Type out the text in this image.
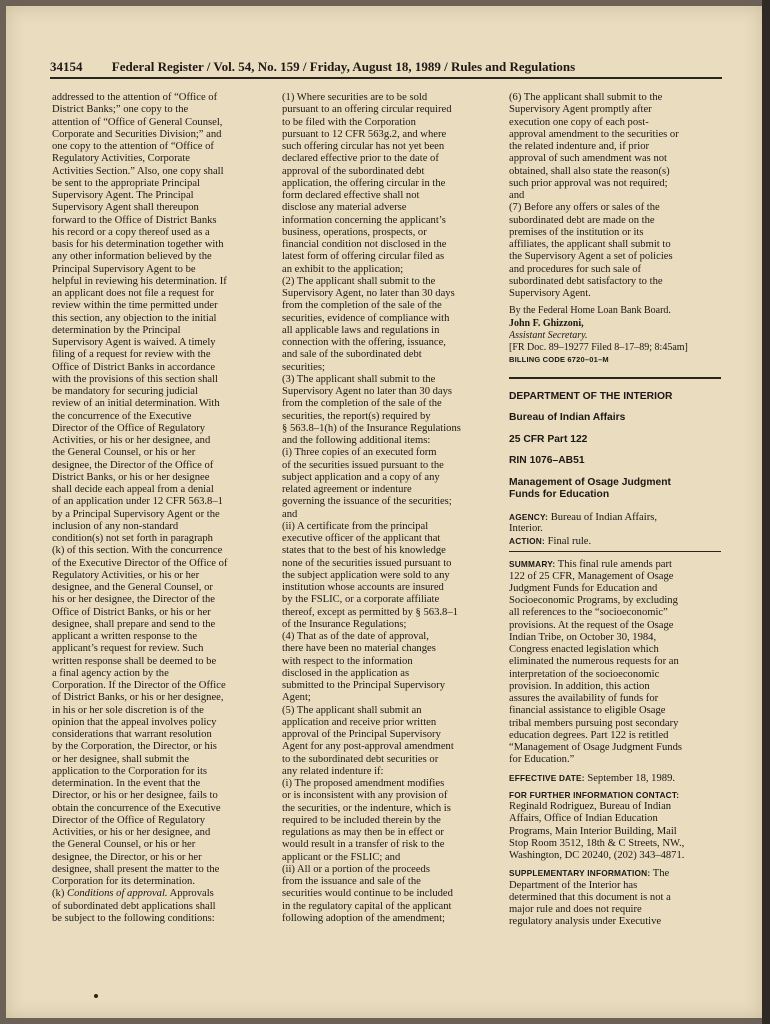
34154 Federal Register / Vol. 54, No. 159 / Friday, August 18, 1989 / Rules and Regulations
addressed to the attention of “Office of
District Banks;” one copy to the
attention of “Office of General Counsel,
Corporate and Securities Division;” and
one copy to the attention of “Office of
Regulatory Activities, Corporate
Activities Section.” Also, one copy shall
be sent to the appropriate Principal
Supervisory Agent. The Principal
Supervisory Agent shall thereupon
forward to the Office of District Banks
his record or a copy thereof used as a
basis for his determination together with
any other information believed by the
Principal Supervisory Agent to be
helpful in reviewing his determination. If
an applicant does not file a request for
review within the time permitted under
this section, any objection to the initial
determination by the Principal
Supervisory Agent is waived. A timely
filing of a request for review with the
Office of District Banks in accordance
with the provisions of this section shall
be mandatory for securing judicial
review of an initial determination. With
the concurrence of the Executive
Director of the Office of Regulatory
Activities, or his or her designee, and
the General Counsel, or his or her
designee, the Director of the Office of
District Banks, or his or her designee
shall decide each appeal from a denial
of an application under 12 CFR 563.8–1
by a Principal Supervisory Agent or the
inclusion of any non-standard
condition(s) not set forth in paragraph
(k) of this section. With the concurrence
of the Executive Director of the Office of
Regulatory Activities, or his or her
designee, and the General Counsel, or
his or her designee, the Director of the
Office of District Banks, or his or her
designee, shall prepare and send to the
applicant a written response to the
applicant’s request for review. Such
written response shall be deemed to be
a final agency action by the
Corporation. If the Director of the Office
of District Banks, or his or her designee,
in his or her sole discretion is of the
opinion that the appeal involves policy
considerations that warrant resolution
by the Corporation, the Director, or his
or her designee, shall submit the
application to the Corporation for its
determination. In the event that the
Director, or his or her designee, fails to
obtain the concurrence of the Executive
Director of the Office of Regulatory
Activities, or his or her designee, and
the General Counsel, or his or her
designee, the Director, or his or her
designee, shall present the matter to the
Corporation for its determination.
(k) Conditions of approval. Approvals
of subordinated debt applications shall
be subject to the following conditions:
(1) Where securities are to be sold
pursuant to an offering circular required
to be filed with the Corporation
pursuant to 12 CFR 563g.2, and where
such offering circular has not yet been
declared effective prior to the date of
approval of the subordinated debt
application, the offering circular in the
form declared effective shall not
disclose any material adverse
information concerning the applicant’s
business, operations, prospects, or
financial condition not disclosed in the
latest form of offering circular filed as
an exhibit to the application;
(2) The applicant shall submit to the
Supervisory Agent, no later than 30 days
from the completion of the sale of the
securities, evidence of compliance with
all applicable laws and regulations in
connection with the offering, issuance,
and sale of the subordinated debt
securities;
(3) The applicant shall submit to the
Supervisory Agent no later than 30 days
from the completion of the sale of the
securities, the report(s) required by
§ 563.8–1(h) of the Insurance Regulations
and the following additional items:
(i) Three copies of an executed form
of the securities issued pursuant to the
subject application and a copy of any
related agreement or indenture
governing the issuance of the securities;
and
(ii) A certificate from the principal
executive officer of the applicant that
states that to the best of his knowledge
none of the securities issued pursuant to
the subject application were sold to any
institution whose accounts are insured
by the FSLIC, or a corporate affiliate
thereof, except as permitted by § 563.8–1
of the Insurance Regulations;
(4) That as of the date of approval,
there have been no material changes
with respect to the information
disclosed in the application as
submitted to the Principal Supervisory
Agent;
(5) The applicant shall submit an
application and receive prior written
approval of the Principal Supervisory
Agent for any post-approval amendment
to the subordinated debt securities or
any related indenture if:
(i) The proposed amendment modifies
or is inconsistent with any provision of
the securities, or the indenture, which is
required to be included therein by the
regulations as may then be in effect or
would result in a transfer of risk to the
applicant or the FSLIC; and
(ii) All or a portion of the proceeds
from the issuance and sale of the
securities would continue to be included
in the regulatory capital of the applicant
following adoption of the amendment;
(6) The applicant shall submit to the
Supervisory Agent promptly after
execution one copy of each post-
approval amendment to the securities or
the related indenture and, if prior
approval of such amendment was not
obtained, shall also state the reason(s)
such prior approval was not required;
and
(7) Before any offers or sales of the
subordinated debt are made on the
premises of the institution or its
affiliates, the applicant shall submit to
the Supervisory Agent a set of policies
and procedures for such sale of
subordinated debt satisfactory to the
Supervisory Agent.
By the Federal Home Loan Bank Board.
John F. Ghizzoni,
Assistant Secretary.
[FR Doc. 89–19277 Filed 8–17–89; 8:45am]
BILLING CODE 6720–01–M
DEPARTMENT OF THE INTERIOR
Bureau of Indian Affairs
25 CFR Part 122
RIN 1076–AB51
Management of Osage Judgment
Funds for Education
AGENCY: Bureau of Indian Affairs,
Interior.
ACTION: Final rule.
SUMMARY: This final rule amends part
122 of 25 CFR, Management of Osage
Judgment Funds for Education and
Socioeconomic Programs, by excluding
all references to the “socioeconomic”
provisions. At the request of the Osage
Indian Tribe, on October 30, 1984,
Congress enacted legislation which
eliminated the numerous requests for an
interpretation of the socioeconomic
provision. In addition, this action
assures the availability of funds for
financial assistance to eligible Osage
tribal members pursuing post secondary
education degrees. Part 122 is retitled
“Management of Osage Judgment Funds
for Education.”
EFFECTIVE DATE: September 18, 1989.
FOR FURTHER INFORMATION CONTACT:
Reginald Rodriguez, Bureau of Indian
Affairs, Office of Indian Education
Programs, Main Interior Building, Mail
Stop Room 3512, 18th & C Streets, NW.,
Washington, DC 20240, (202) 343–4871.
SUPPLEMENTARY INFORMATION: The
Department of the Interior has
determined that this document is not a
major rule and does not require
regulatory analysis under Executive
